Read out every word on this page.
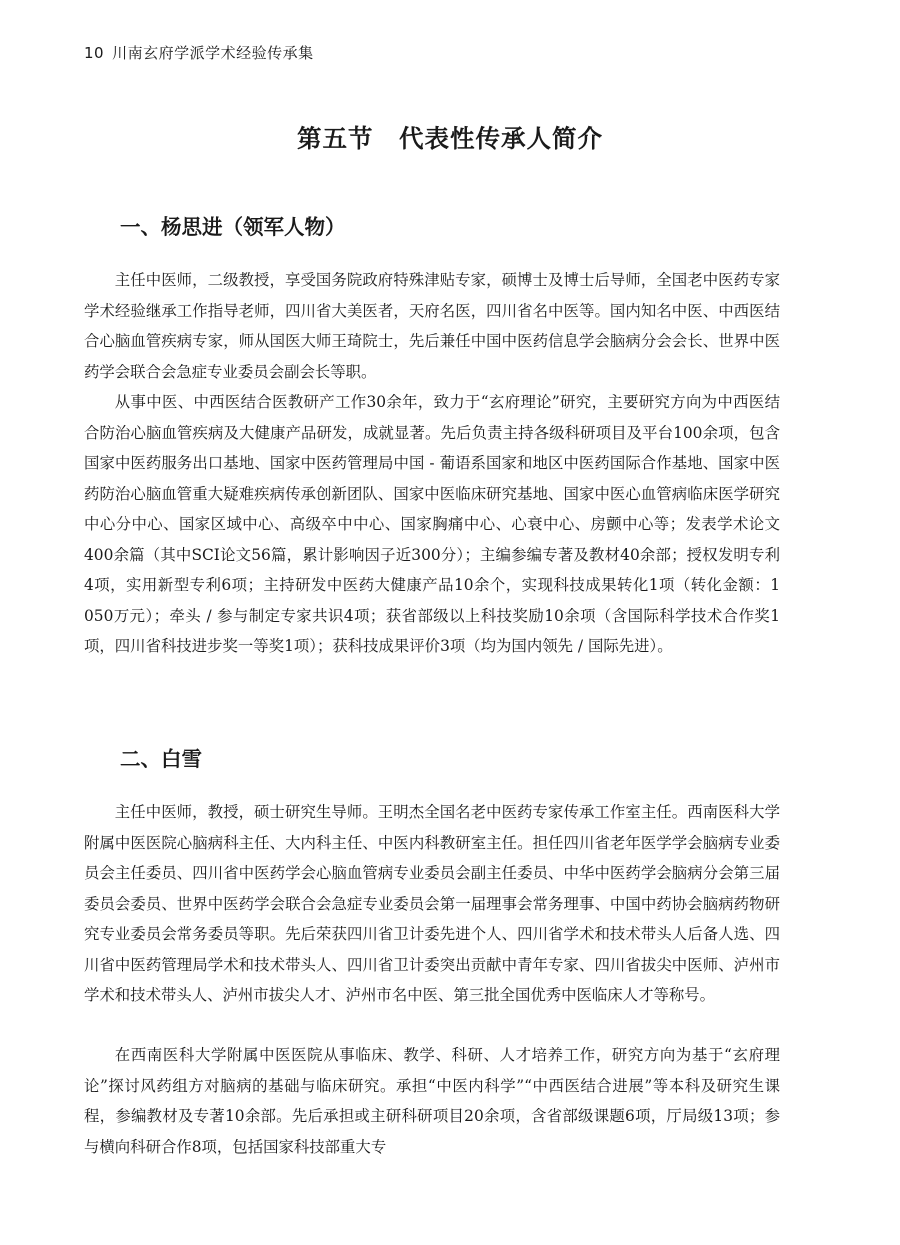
10 川南玄府学派学术经验传承集
第五节　代表性传承人简介
一、杨思进（领军人物）

主任中医师，二级教授，享受国务院政府特殊津贴专家，硕博士及博士后导师，全国老中医药专家学术经验继承工作指导老师，四川省大美医者，天府名医，四川省名中医等。国内知名中医、中西医结合心脑血管疾病专家，师从国医大师王琦院士，先后兼任中国中医药信息学会脑病分会会长、世界中医药学会联合会急症专业委员会副会长等职。

从事中医、中西医结合医教研产工作30余年，致力于“玄府理论”研究，主要研究方向为中西医结合防治心脑血管疾病及大健康产品研发，成就显著。先后负责主持各级科研项目及平台100余项，包含国家中医药服务出口基地、国家中医药管理局中国 - 葡语系国家和地区中医药国际合作基地、国家中医药防治心脑血管重大疑难疾病传承创新团队、国家中医临床研究基地、国家中医心血管病临床医学研究中心分中心、国家区域中心、高级卒中中心、国家胸痛中心、心衰中心、房颤中心等；发表学术论文400余篇（其中SCI论文56篇，累计影响因子近300分）；主编参编专著及教材40余部；授权发明专利4项，实用新型专利6项；主持研发中医药大健康产品10余个，实现科技成果转化1项（转化金额：1 050万元）；牵头 / 参与制定专家共识4项；获省部级以上科技奖励10余项（含国际科学技术合作奖1项，四川省科技进步奖一等奖1项）；获科技成果评价3项（均为国内领先 / 国际先进）。

二、白雪

主任中医师，教授，硕士研究生导师。王明杰全国名老中医药专家传承工作室主任。西南医科大学附属中医医院心脑病科主任、大内科主任、中医内科教研室主任。担任四川省老年医学学会脑病专业委员会主任委员、四川省中医药学会心脑血管病专业委员会副主任委员、中华中医药学会脑病分会第三届委员会委员、世界中医药学会联合会急症专业委员会第一届理事会常务理事、中国中药协会脑病药物研究专业委员会常务委员等职。先后荣获四川省卫计委先进个人、四川省学术和技术带头人后备人选、四川省中医药管理局学术和技术带头人、四川省卫计委突出贡献中青年专家、四川省拔尖中医师、泸州市学术和技术带头人、泸州市拔尖人才、泸州市名中医、第三批全国优秀中医临床人才等称号。

在西南医科大学附属中医医院从事临床、教学、科研、人才培养工作，研究方向为基于“玄府理论”探讨风药组方对脑病的基础与临床研究。承担“中医内科学”“中西医结合进展”等本科及研究生课程，参编教材及专著10余部。先后承担或主研科研项目20余项，含省部级课题6项，厅局级13项；参与横向科研合作8项，包括国家科技部重大专
